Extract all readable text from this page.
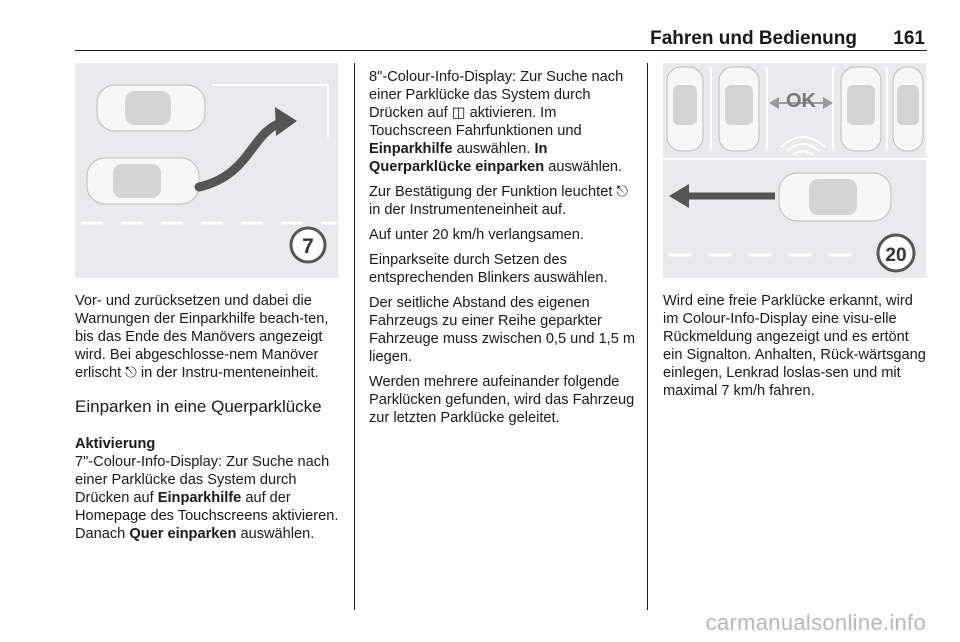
Fahren und Bedienung 161
7
OK
20

Vor- und zurücksetzen und dabei die Warnungen der Einparkhilfe beach-ten, bis das Ende des Manövers angezeigt wird. Bei abgeschlosse-nem Manöver erlischt ⎋ in der Instru-menteneinheit.

Einparken in eine Querparklücke

Aktivierung

7"-Colour-Info-Display: Zur Suche nach einer Parklücke das System durch Drücken auf Einparkhilfe auf der Homepage des Touchscreens aktivieren. Danach Quer einparken auswählen.

8"-Colour-Info-Display: Zur Suche nach einer Parklücke das System durch Drücken auf ◫ aktivieren. Im Touchscreen Fahrfunktionen und Einparkhilfe auswählen. In Querparklücke einparken auswählen.

Zur Bestätigung der Funktion leuchtet ⎋ in der Instrumenteneinheit auf.

Auf unter 20 km/h verlangsamen.

Einparkseite durch Setzen des entsprechenden Blinkers auswählen.

Der seitliche Abstand des eigenen Fahrzeugs zu einer Reihe geparkter Fahrzeuge muss zwischen 0,5 und 1,5 m liegen.

Werden mehrere aufeinander folgende Parklücken gefunden, wird das Fahrzeug zur letzten Parklücke geleitet.

Wird eine freie Parklücke erkannt, wird im Colour-Info-Display eine visu-elle Rückmeldung angezeigt und es ertönt ein Signalton. Anhalten, Rück-wärtsgang einlegen, Lenkrad loslas-sen und mit maximal 7 km/h fahren.

carmanualsonline.info
